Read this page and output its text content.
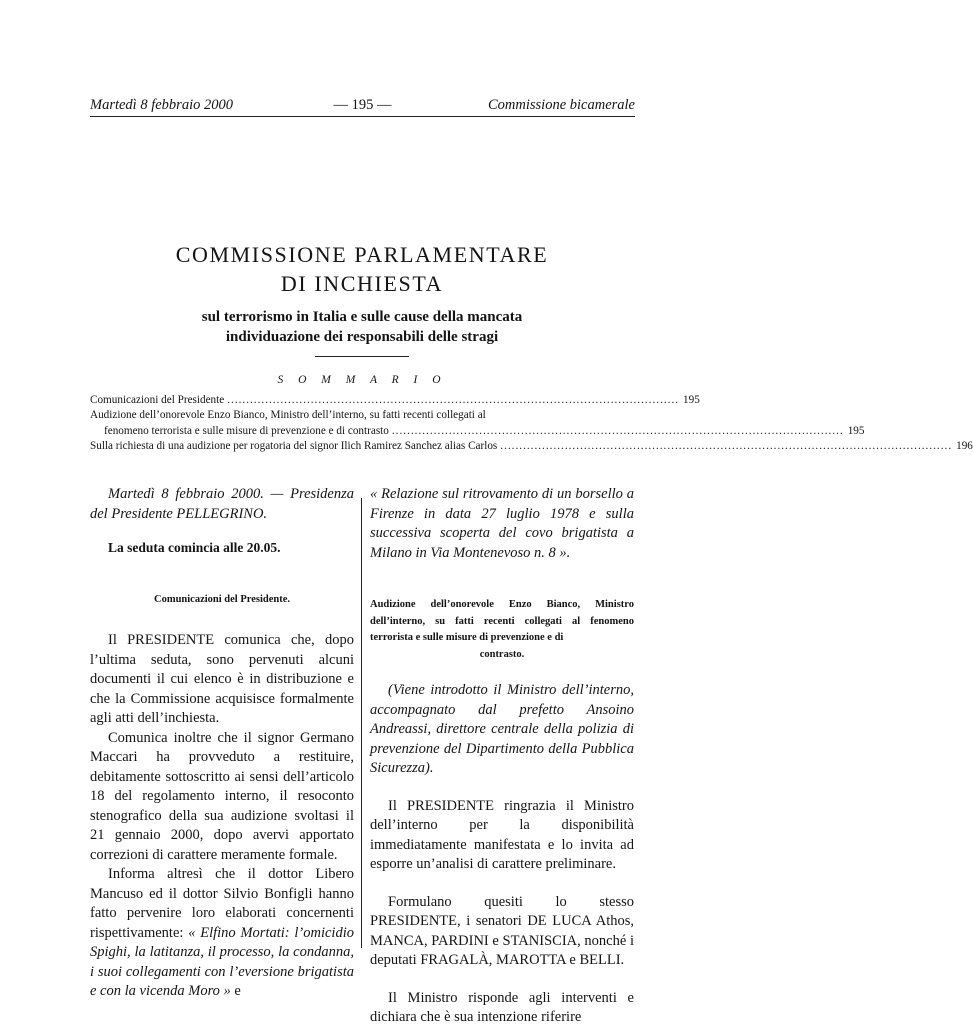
Martedì 8 febbraio 2000	— 195 —	Commissione bicamerale
COMMISSIONE PARLAMENTARE
DI INCHIESTA
sul terrorismo in Italia e sulle cause della mancata
individuazione dei responsabili delle stragi
S O M M A R I O
Comunicazioni del Presidente ....................................................................................................................... 195
Audizione dell’onorevole Enzo Bianco, Ministro dell’interno, su fatti recenti collegati al
fenomeno terrorista e sulle misure di prevenzione e di contrasto ....................................................................................................................... 195
Sulla richiesta di una audizione per rogatoria del signor Ilich Ramirez Sanchez alias Carlos ....................................................................................................................... 196

Martedì 8 febbraio 2000. — Presidenza del Presidente PELLEGRINO.

La seduta comincia alle 20.05.

Comunicazioni del Presidente.

Il PRESIDENTE comunica che, dopo l’ultima seduta, sono pervenuti alcuni documenti il cui elenco è in distribuzione e che la Commissione acquisisce formalmente agli atti dell’inchiesta.

Comunica inoltre che il signor Germano Maccari ha provveduto a restituire, debitamente sottoscritto ai sensi dell’articolo 18 del regolamento interno, il resoconto stenografico della sua audizione svoltasi il 21 gennaio 2000, dopo avervi apportato correzioni di carattere meramente formale.

Informa altresì che il dottor Libero Mancuso ed il dottor Silvio Bonfigli hanno fatto pervenire loro elaborati concernenti rispettivamente: « Elfino Mortati: l’omicidio Spighi, la latitanza, il processo, la condanna, i suoi collegamenti con l’eversione brigatista e con la vicenda Moro » e

« Relazione sul ritrovamento di un borsello a Firenze in data 27 luglio 1978 e sulla successiva scoperta del covo brigatista a Milano in Via Montenevoso n. 8 ».

Audizione dell’onorevole Enzo Bianco, Ministro dell’interno, su fatti recenti collegati al fenomeno terrorista e sulle misure di prevenzione e di
contrasto.

(Viene introdotto il Ministro dell’interno, accompagnato dal prefetto Ansoino Andreassi, direttore centrale della polizia di prevenzione del Dipartimento della Pubblica Sicurezza).

Il PRESIDENTE ringrazia il Ministro dell’interno per la disponibilità immediatamente manifestata e lo invita ad esporre un’analisi di carattere preliminare.

Formulano quesiti lo stesso PRESIDENTE, i senatori DE LUCA Athos, MANCA, PARDINI e STANISCIA, nonché i deputati FRAGALÀ, MAROTTA e BELLI.

Il Ministro risponde agli interventi e dichiara che è sua intenzione riferire
